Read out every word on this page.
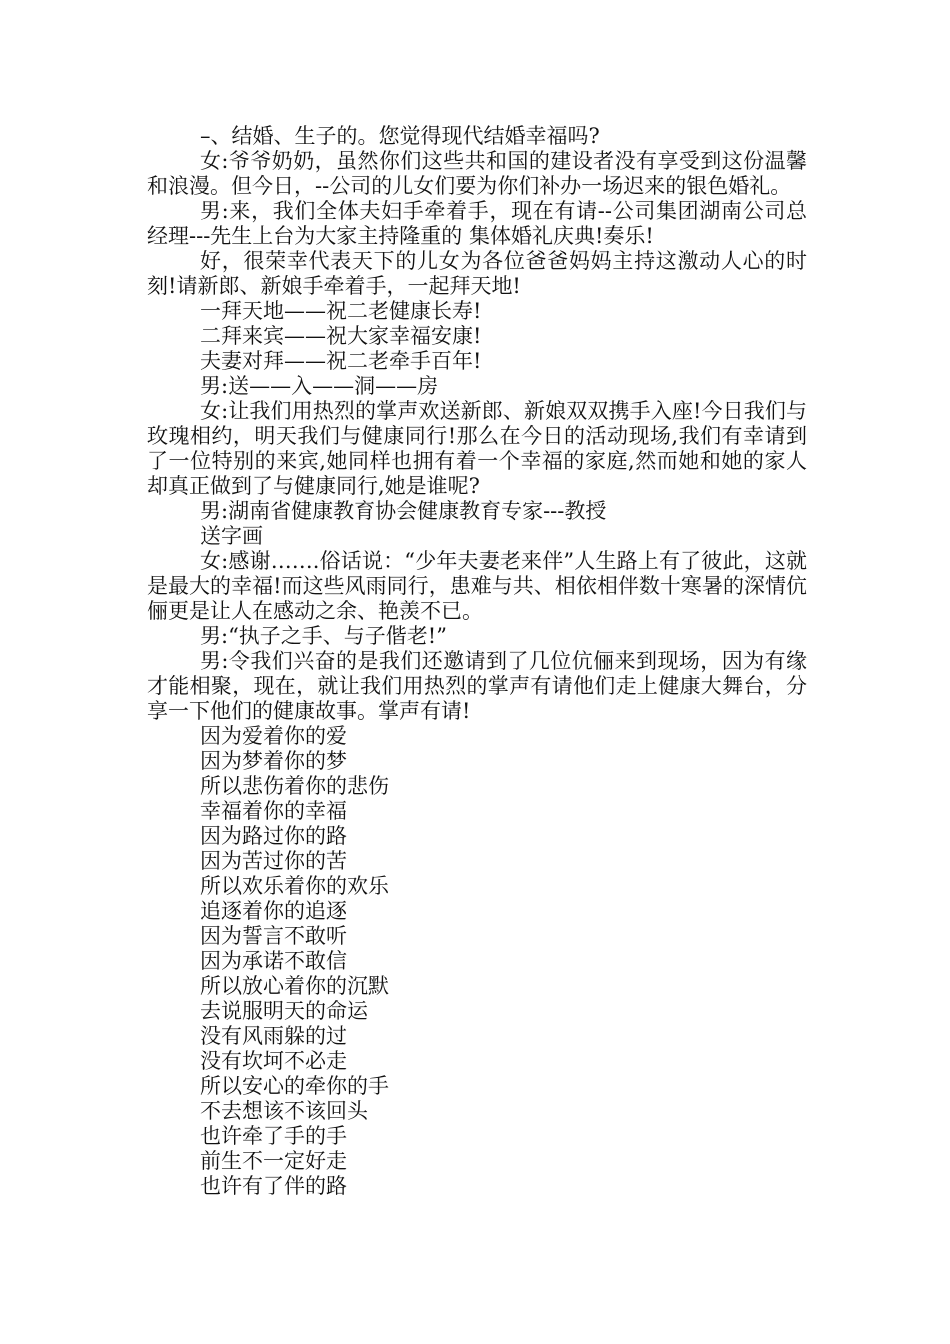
–、结婚、生子的。您觉得现代结婚幸福吗?

女:爷爷奶奶，虽然你们这些共和国的建设者没有享受到这份温馨和浪漫。但今日，--公司的儿女们要为你们补办一场迟来的银色婚礼。

男:来，我们全体夫妇手牵着手，现在有请--公司集团湖南公司总经理---先生上台为大家主持隆重的 集体婚礼庆典!奏乐!

好，很荣幸代表天下的儿女为各位爸爸妈妈主持这激动人心的时刻!请新郎、新娘手牵着手，一起拜天地!

一拜天地——祝二老健康长寿!

二拜来宾——祝大家幸福安康!

夫妻对拜——祝二老牵手百年!

男:送——入——洞——房

女:让我们用热烈的掌声欢送新郎、新娘双双携手入座!今日我们与玫瑰相约，明天我们与健康同行!那么在今日的活动现场,我们有幸请到了一位特别的来宾,她同样也拥有着一个幸福的家庭,然而她和她的家人却真正做到了与健康同行,她是谁呢?

男:湖南省健康教育协会健康教育专家---教授

送字画

女:感谢…….俗话说：“少年夫妻老来伴”人生路上有了彼此，这就是最大的幸福!而这些风雨同行，患难与共、相依相伴数十寒暑的深情伉俪更是让人在感动之余、艳羡不已。

男:“执子之手、与子偕老!”

男:令我们兴奋的是我们还邀请到了几位伉俪来到现场，因为有缘才能相聚，现在，就让我们用热烈的掌声有请他们走上健康大舞台，分享一下他们的健康故事。掌声有请!

因为爱着你的爱

因为梦着你的梦

所以悲伤着你的悲伤

幸福着你的幸福

因为路过你的路

因为苦过你的苦

所以欢乐着你的欢乐

追逐着你的追逐

因为誓言不敢听

因为承诺不敢信

所以放心着你的沉默

去说服明天的命运

没有风雨躲的过

没有坎坷不必走

所以安心的牵你的手

不去想该不该回头

也许牵了手的手

前生不一定好走

也许有了伴的路
